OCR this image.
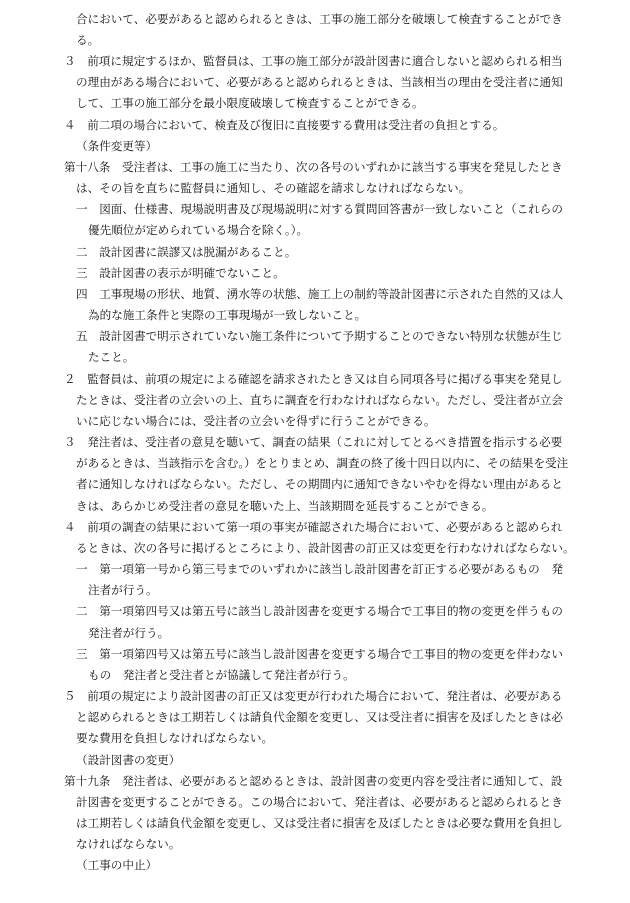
合において、必要があると認められるときは、工事の施工部分を破壊して検査することができ
る。
３　前項に規定するほか、監督員は、工事の施工部分が設計図書に適合しないと認められる相当
の理由がある場合において、必要があると認められるときは、当該相当の理由を受注者に通知
して、工事の施工部分を最小限度破壊して検査することができる。
４　前二項の場合において、検査及び復旧に直接要する費用は受注者の負担とする。
（条件変更等）
第十八条　受注者は、工事の施工に当たり、次の各号のいずれかに該当する事実を発見したとき
は、その旨を直ちに監督員に通知し、その確認を請求しなければならない。
一　図面、仕様書、現場説明書及び現場説明に対する質問回答書が一致しないこと（これらの
優先順位が定められている場合を除く。）。
二　設計図書に誤謬又は脱漏があること。
三　設計図書の表示が明確でないこと。
四　工事現場の形状、地質、湧水等の状態、施工上の制約等設計図書に示された自然的又は人
為的な施工条件と実際の工事現場が一致しないこと。
五　設計図書で明示されていない施工条件について予期することのできない特別な状態が生じ
たこと。
２　監督員は、前項の規定による確認を請求されたとき又は自ら同項各号に掲げる事実を発見し
たときは、受注者の立会いの上、直ちに調査を行わなければならない。ただし、受注者が立会
いに応じない場合には、受注者の立会いを得ずに行うことができる。
３　発注者は、受注者の意見を聴いて、調査の結果（これに対してとるべき措置を指示する必要
があるときは、当該指示を含む。）をとりまとめ、調査の終了後十四日以内に、その結果を受注
者に通知しなければならない。ただし、その期間内に通知できないやむを得ない理由があると
きは、あらかじめ受注者の意見を聴いた上、当該期間を延長することができる。
４　前項の調査の結果において第一項の事実が確認された場合において、必要があると認められ
るときは、次の各号に掲げるところにより、設計図書の訂正又は変更を行わなければならない。
一　第一項第一号から第三号までのいずれかに該当し設計図書を訂正する必要があるもの　発
注者が行う。
二　第一項第四号又は第五号に該当し設計図書を変更する場合で工事目的物の変更を伴うもの
発注者が行う。
三　第一項第四号又は第五号に該当し設計図書を変更する場合で工事目的物の変更を伴わない
もの　発注者と受注者とが協議して発注者が行う。
５　前項の規定により設計図書の訂正又は変更が行われた場合において、発注者は、必要がある
と認められるときは工期若しくは請負代金額を変更し、又は受注者に損害を及ぼしたときは必
要な費用を負担しなければならない。
（設計図書の変更）
第十九条　発注者は、必要があると認めるときは、設計図書の変更内容を受注者に通知して、設
計図書を変更することができる。この場合において、発注者は、必要があると認められるとき
は工期若しくは請負代金額を変更し、又は受注者に損害を及ぼしたときは必要な費用を負担し
なければならない。
（工事の中止）
